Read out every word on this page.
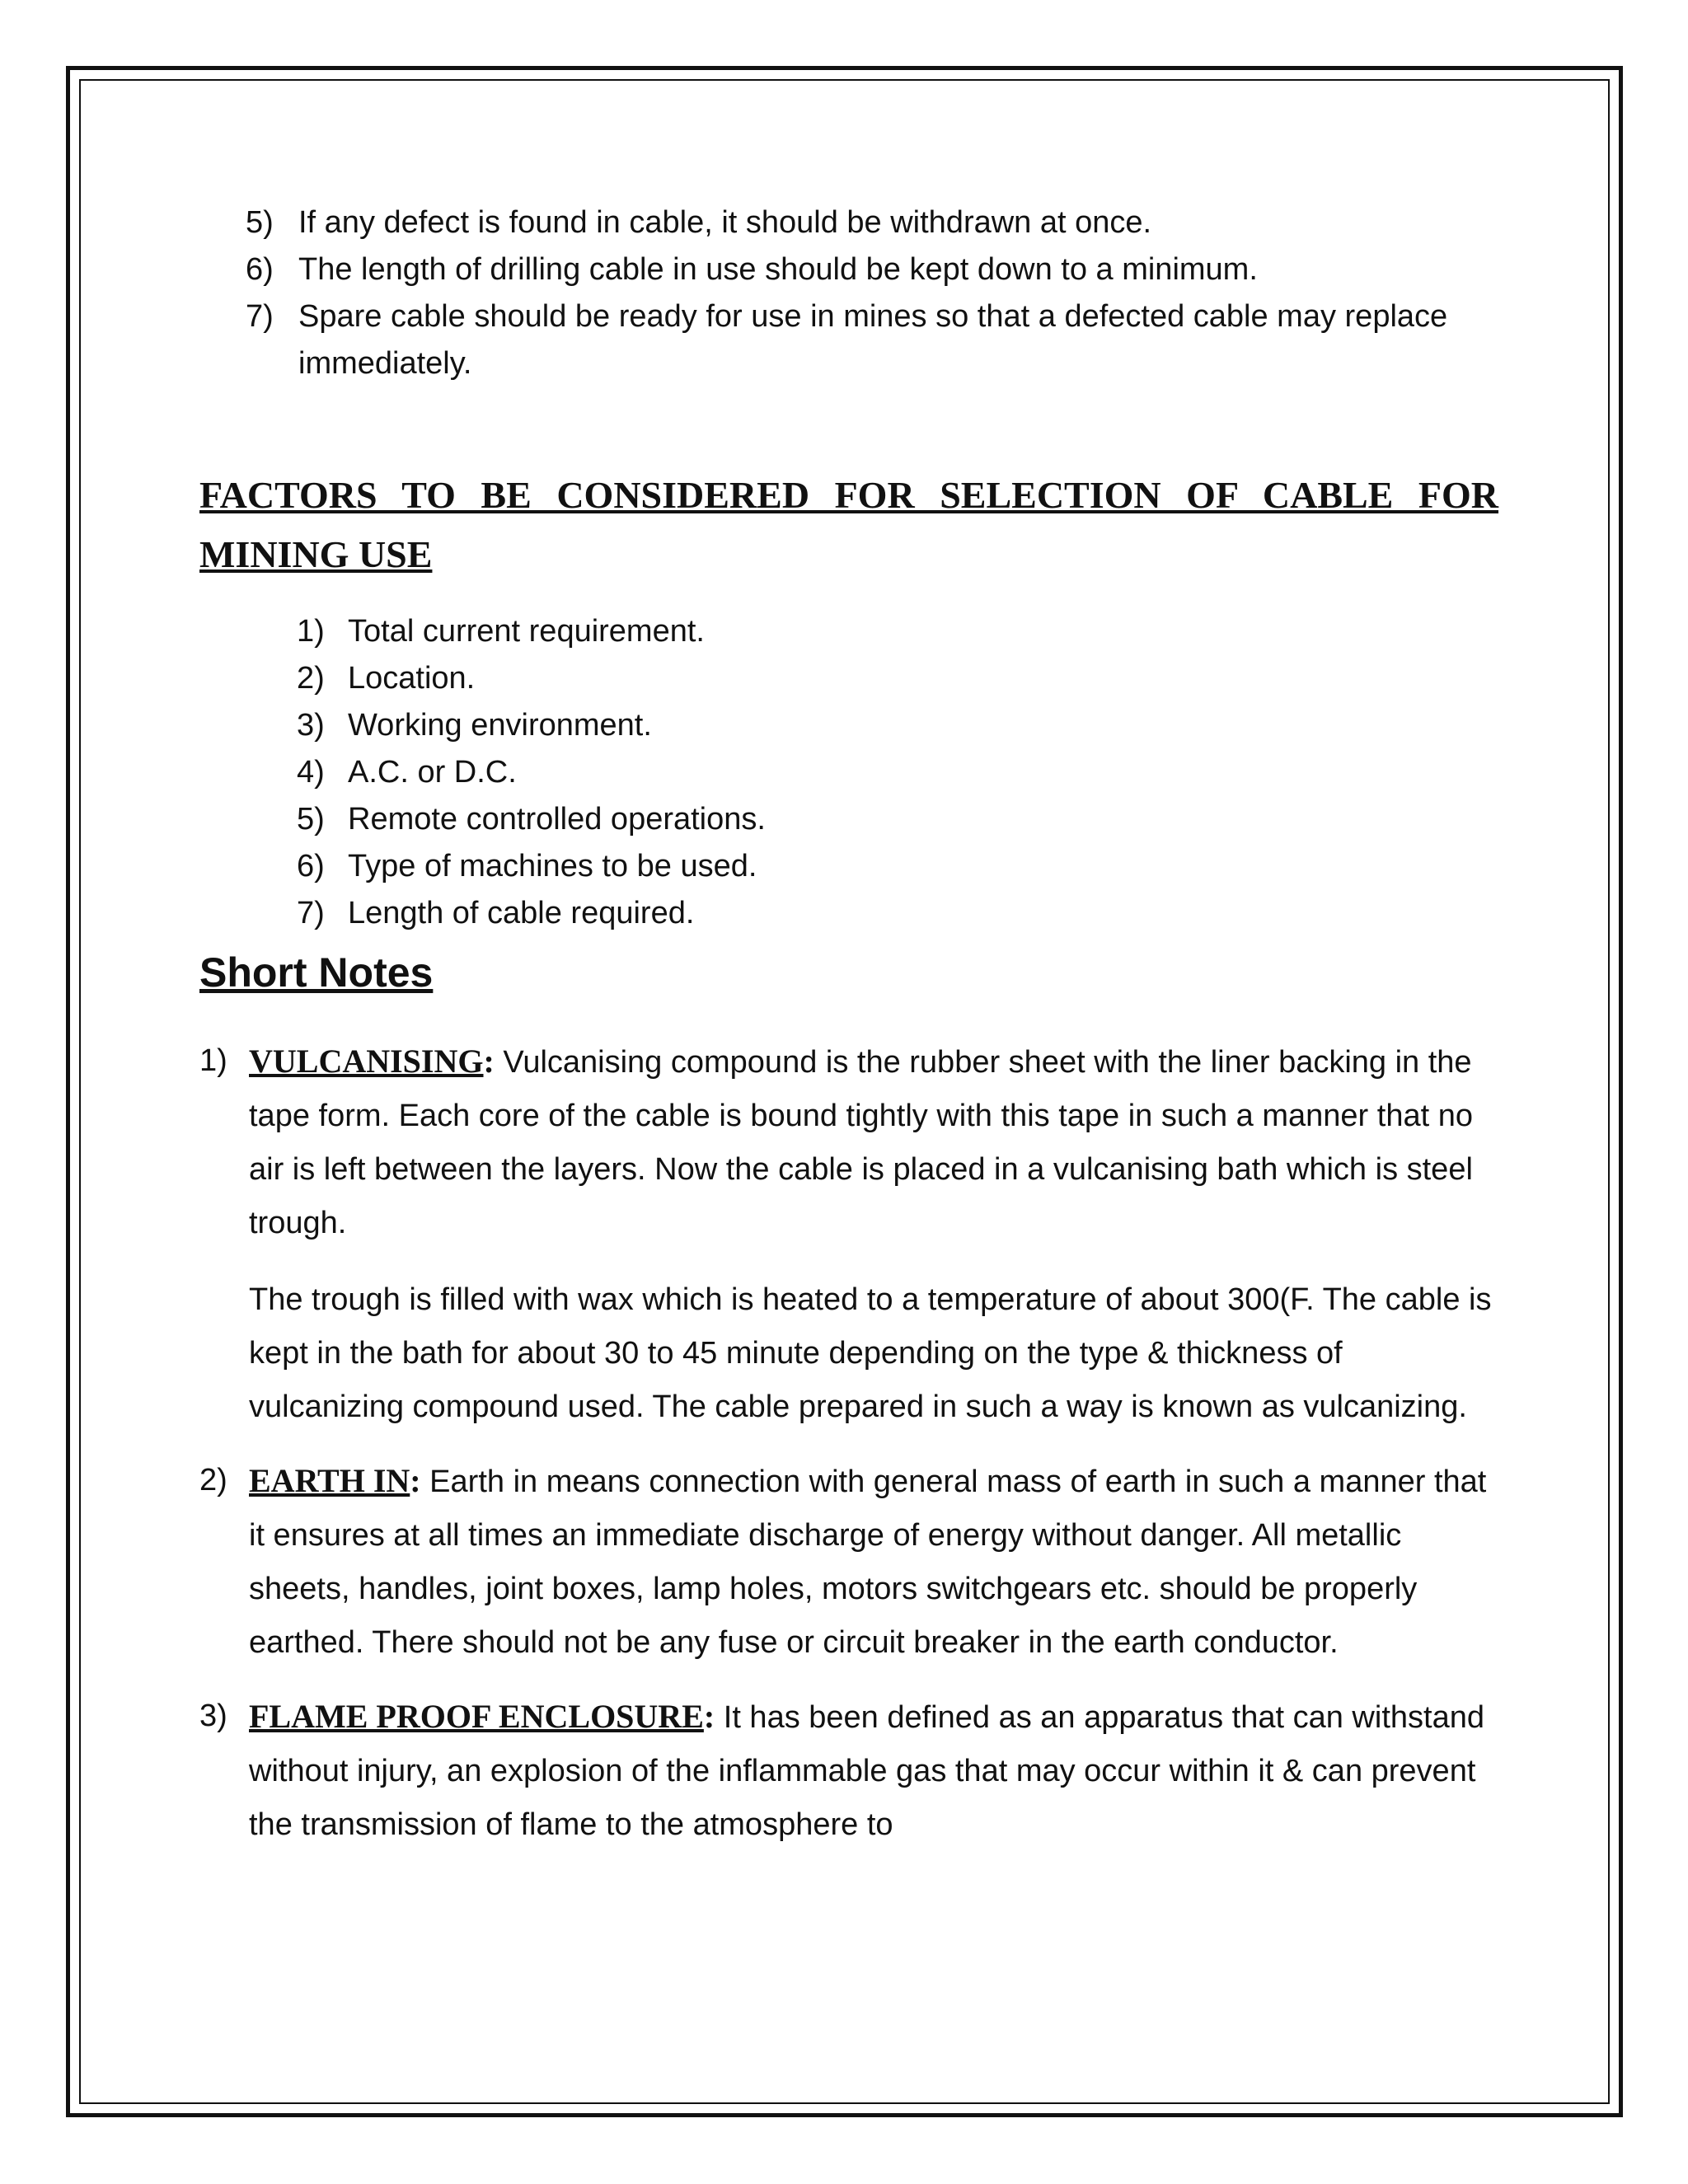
5) If any defect is found in cable, it should be withdrawn at once.
6) The length of drilling cable in use should be kept down to a minimum.
7) Spare cable should be ready for use in mines so that a defected cable may replace immediately.
FACTORS TO BE CONSIDERED FOR SELECTION OF CABLE FOR MINING USE
1) Total current requirement.
2) Location.
3) Working environment.
4) A.C. or D.C.
5) Remote controlled operations.
6) Type of machines to be used.
7) Length of cable required.
Short Notes
1) VULCANISING: Vulcanising compound is the rubber sheet with the liner backing in the tape form. Each core of the cable is bound tightly with this tape in such a manner that no air is left between the layers. Now the cable is placed in a vulcanising bath which is steel trough.

The trough is filled with wax which is heated to a temperature of about 300(F. The cable is kept in the bath for about 30 to 45 minute depending on the type & thickness of vulcanizing compound used. The cable prepared in such a way is known as vulcanizing.

2) EARTH IN: Earth in means connection with general mass of earth in such a manner that it ensures at all times an immediate discharge of energy without danger. All metallic sheets, handles, joint boxes, lamp holes, motors switchgears etc. should be properly earthed. There should not be any fuse or circuit breaker in the earth conductor.

3) FLAME PROOF ENCLOSURE: It has been defined as an apparatus that can withstand without injury, an explosion of the inflammable gas that may occur within it & can prevent the transmission of flame to the atmosphere to
